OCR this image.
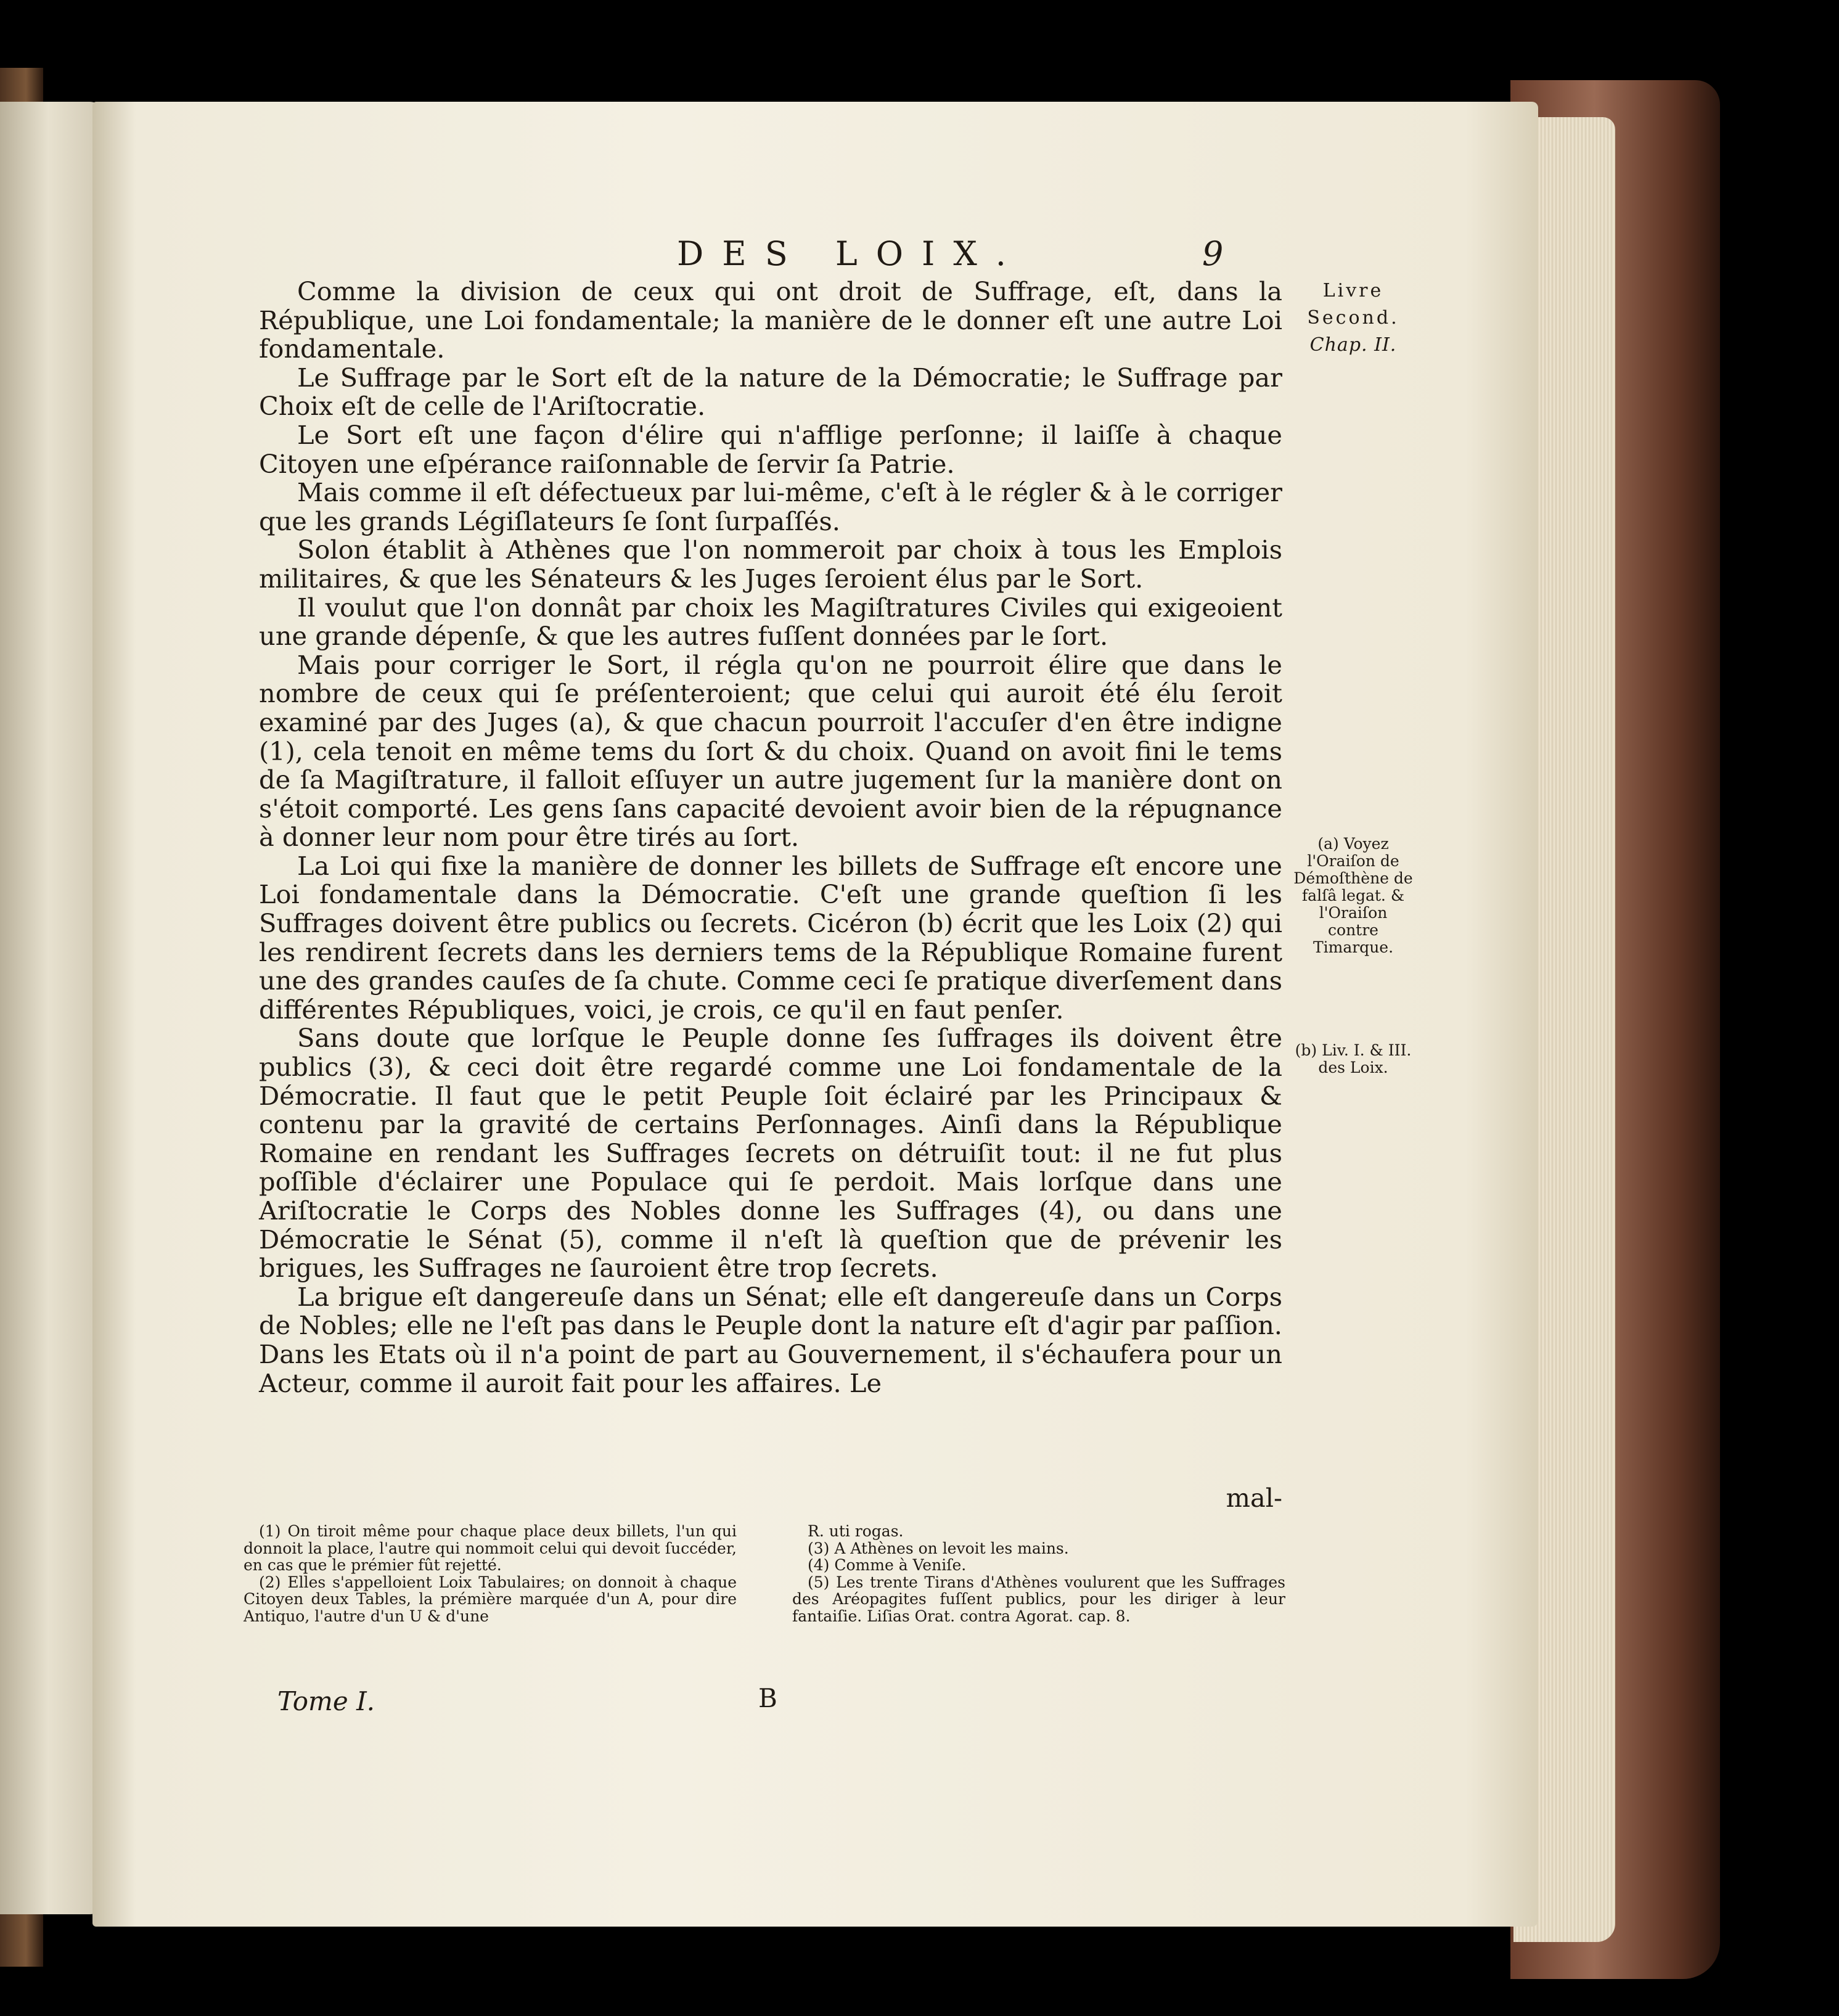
DES LOIX.	9

Comme la division de ceux qui ont droit de Suffrage, eſt, dans la République, une Loi fondamentale; la manière de le donner eſt une autre Loi fondamentale.

Le Suffrage par le Sort eſt de la nature de la Démocratie; le Suffrage par Choix eſt de celle de l'Ariſtocratie.

Le Sort eſt une façon d'élire qui n'afflige perſonne; il laiſſe à chaque Citoyen une eſpérance raiſonnable de ſervir ſa Patrie.

Mais comme il eſt défectueux par lui-même, c'eſt à le régler & à le corriger que les grands Légiſlateurs ſe ſont ſurpaſſés.

Solon établit à Athènes que l'on nommeroit par choix à tous les Emplois militaires, & que les Sénateurs & les Juges ſeroient élus par le Sort.

Il voulut que l'on donnât par choix les Magiſtratures Civiles qui exigeoient une grande dépenſe, & que les autres fuſſent données par le ſort.

Mais pour corriger le Sort, il régla qu'on ne pourroit élire que dans le nombre de ceux qui ſe préſenteroient; que celui qui auroit été élu ſeroit examiné par des Juges (a), & que chacun pourroit l'accuſer d'en être indigne (1), cela tenoit en même tems du ſort & du choix. Quand on avoit fini le tems de ſa Magiſtrature, il falloit eſſuyer un autre jugement ſur la manière dont on s'étoit comporté. Les gens ſans capacité devoient avoir bien de la répugnance à donner leur nom pour être tirés au ſort.

La Loi qui fixe la manière de donner les billets de Suffrage eſt encore une Loi fondamentale dans la Démocratie. C'eſt une grande queſtion ſi les Suffrages doivent être publics ou ſecrets. Cicéron (b) écrit que les Loix (2) qui les rendirent ſecrets dans les derniers tems de la République Romaine furent une des grandes cauſes de ſa chute. Comme ceci ſe pratique diverſement dans différentes Républiques, voici, je crois, ce qu'il en faut penſer.

Sans doute que lorſque le Peuple donne ſes ſuffrages ils doivent être publics (3), & ceci doit être regardé comme une Loi fondamentale de la Démocratie. Il faut que le petit Peuple ſoit éclairé par les Principaux & contenu par la gravité de certains Perſonnages. Ainſi dans la République Romaine en rendant les Suffrages ſecrets on détruiſit tout: il ne fut plus poſſible d'éclairer une Populace qui ſe perdoit. Mais lorſque dans une Ariſtocratie le Corps des Nobles donne les Suffrages (4), ou dans une Démocratie le Sénat (5), comme il n'eſt là queſtion que de prévenir les brigues, les Suffrages ne ſauroient être trop ſecrets.

La brigue eſt dangereuſe dans un Sénat; elle eſt dangereuſe dans un Corps de Nobles; elle ne l'eſt pas dans le Peuple dont la nature eſt d'agir par paſſion. Dans les Etats où il n'a point de part au Gouvernement, il s'échaufera pour un Acteur, comme il auroit fait pour les affaires. Le

mal-
Livre
Second.
Chap. II.
(a) Voyez l'Oraiſon de Démoſthène de falſâ legat. & l'Oraiſon contre Timarque.
(b) Liv. I. & III. des Loix.

(1) On tiroit même pour chaque place deux billets, l'un qui donnoit la place, l'autre qui nommoit celui qui devoit ſuccéder, en cas que le prémier fût rejetté.

(2) Elles s'appelloient Loix Tabulaires; on donnoit à chaque Citoyen deux Tables, la prémière marquée d'un A, pour dire Antiquo, l'autre d'un U & d'une

R. uti rogas.

(3) A Athènes on levoit les mains.

(4) Comme à Veniſe.

(5) Les trente Tirans d'Athènes voulurent que les Suffrages des Aréopagites fuſſent publics, pour les diriger à leur fantaiſie. Liſias Orat. contra Agorat. cap. 8.

Tome I.	B
